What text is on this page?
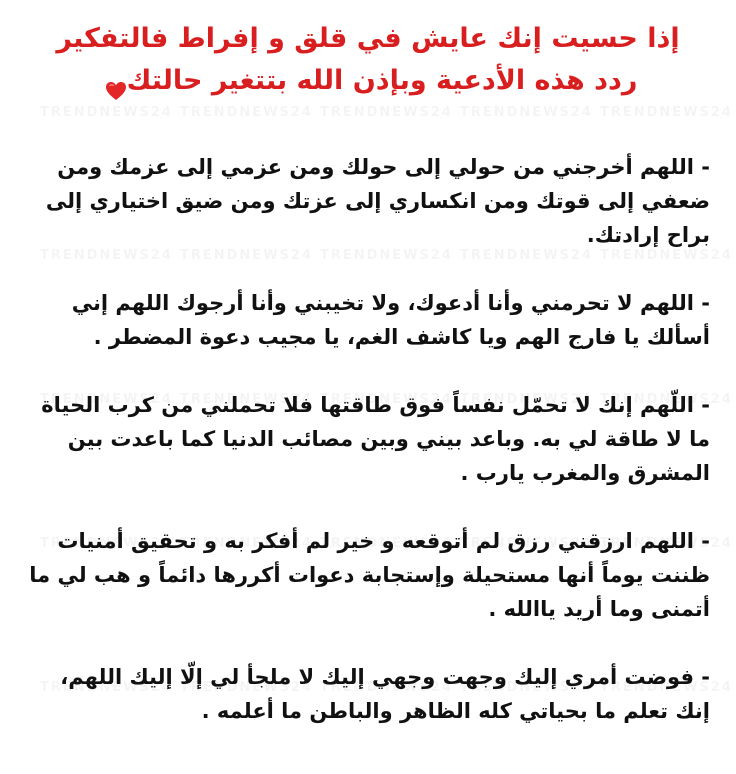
إذا حسيت إنك عايش في قلق و إفراط فالتفكير
ردد هذه الأدعية وبإذن الله بتتغير حالتك

- اللهم أخرجني من حولي إلى حولك ومن عزمي إلى عزمك ومن ضعفي إلى قوتك ومن انكساري إلى عزتك ومن ضيق اختياري إلى براح إرادتك.

- اللهم لا تحرمني وأنا أدعوك، ولا تخيبني وأنا أرجوك اللهم إني أسألك يا فارج الهم ويا كاشف الغم، يا مجيب دعوة المضطر .

- اللّهم إنك لا تحمّل نفساً فوق طاقتها فلا تحملني من كرب الحياة ما لا طاقة لي به. وباعد بيني وبين مصائب الدنيا كما باعدت بين المشرق والمغرب يارب .

- اللهم ارزقني رزق لم أتوقعه و خير لم أفكر به و تحقيق أمنيات ظننت يوماً أنها مستحيلة وإستجابة دعوات أكررها دائماً و هب لي ما أتمنى وما أريد ياالله .

- فوضت أمري إليك وجهت وجهي إليك لا ملجأ لي إلّا إليك اللهم، إنك تعلم ما بحياتي كله الظاهر والباطن ما أعلمه .
